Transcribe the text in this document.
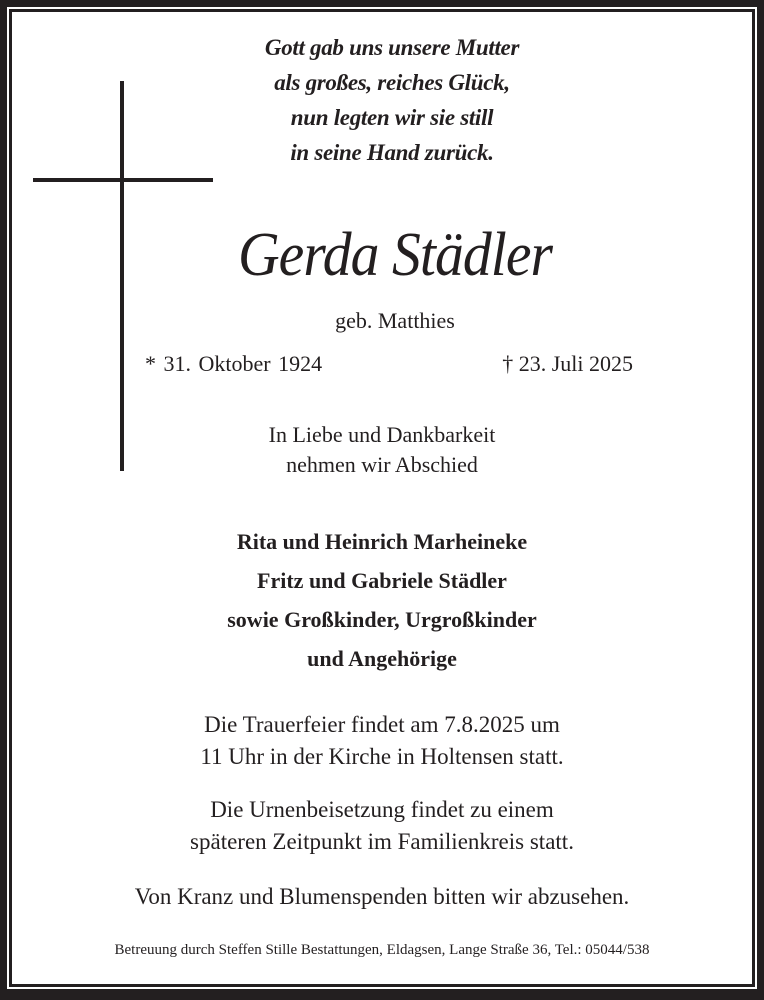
Gott gab uns unsere Mutter
als großes, reiches Glück,
nun legten wir sie still
in seine Hand zurück.
Gerda Städler
geb. Matthies
* 31. Oktober 1924	† 23. Juli 2025
In Liebe und Dankbarkeit
nehmen wir Abschied
Rita und Heinrich Marheineke
Fritz und Gabriele Städler
sowie Großkinder, Urgroßkinder
und Angehörige
Die Trauerfeier findet am 7.8.2025 um
11 Uhr in der Kirche in Holtensen statt.
Die Urnenbeisetzung findet zu einem
späteren Zeitpunkt im Familienkreis statt.
Von Kranz und Blumenspenden bitten wir abzusehen.
Betreuung durch Steffen Stille Bestattungen, Eldagsen, Lange Straße 36, Tel.: 05044/538
